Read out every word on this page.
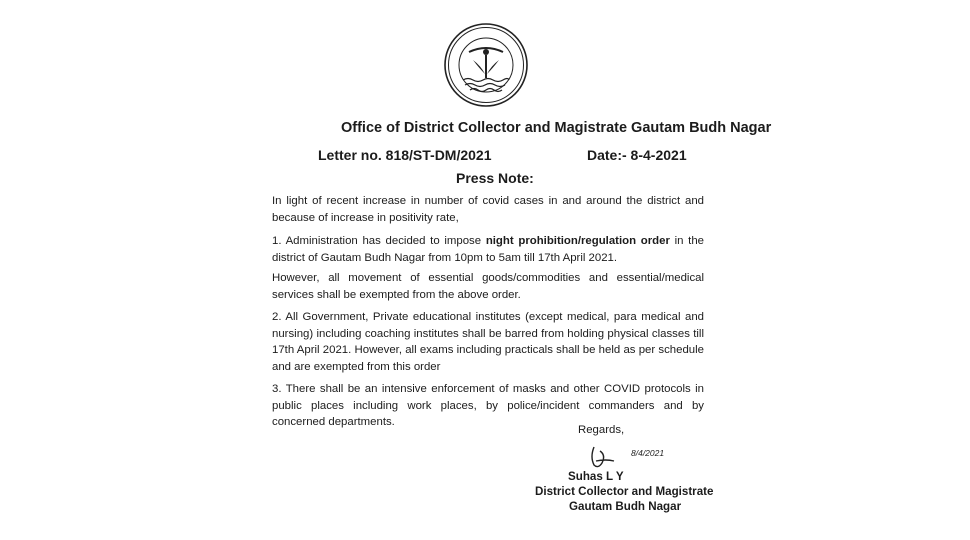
Office of District Collector and Magistrate Gautam Budh Nagar
Letter no. 818/ST-DM/2021	Date:- 8-4-2021
Press Note:
In light of recent increase in number of covid cases in and around the district and because of increase in positivity rate,
1. Administration has decided to impose night prohibition/regulation order in the district of Gautam Budh Nagar from 10pm to 5am till 17th April 2021.
However, all movement of essential goods/commodities and essential/medical services shall be exempted from the above order.
2. All Government, Private educational institutes (except medical, para medical and nursing) including coaching institutes shall be barred from holding physical classes till 17th April 2021. However, all exams including practicals shall be held as per schedule and are exempted from this order
3. There shall be an intensive enforcement of masks and other COVID protocols in public places including work places, by police/incident commanders and by concerned departments.
Regards,
8/4/2021
Suhas L Y
District Collector and Magistrate
Gautam Budh Nagar
